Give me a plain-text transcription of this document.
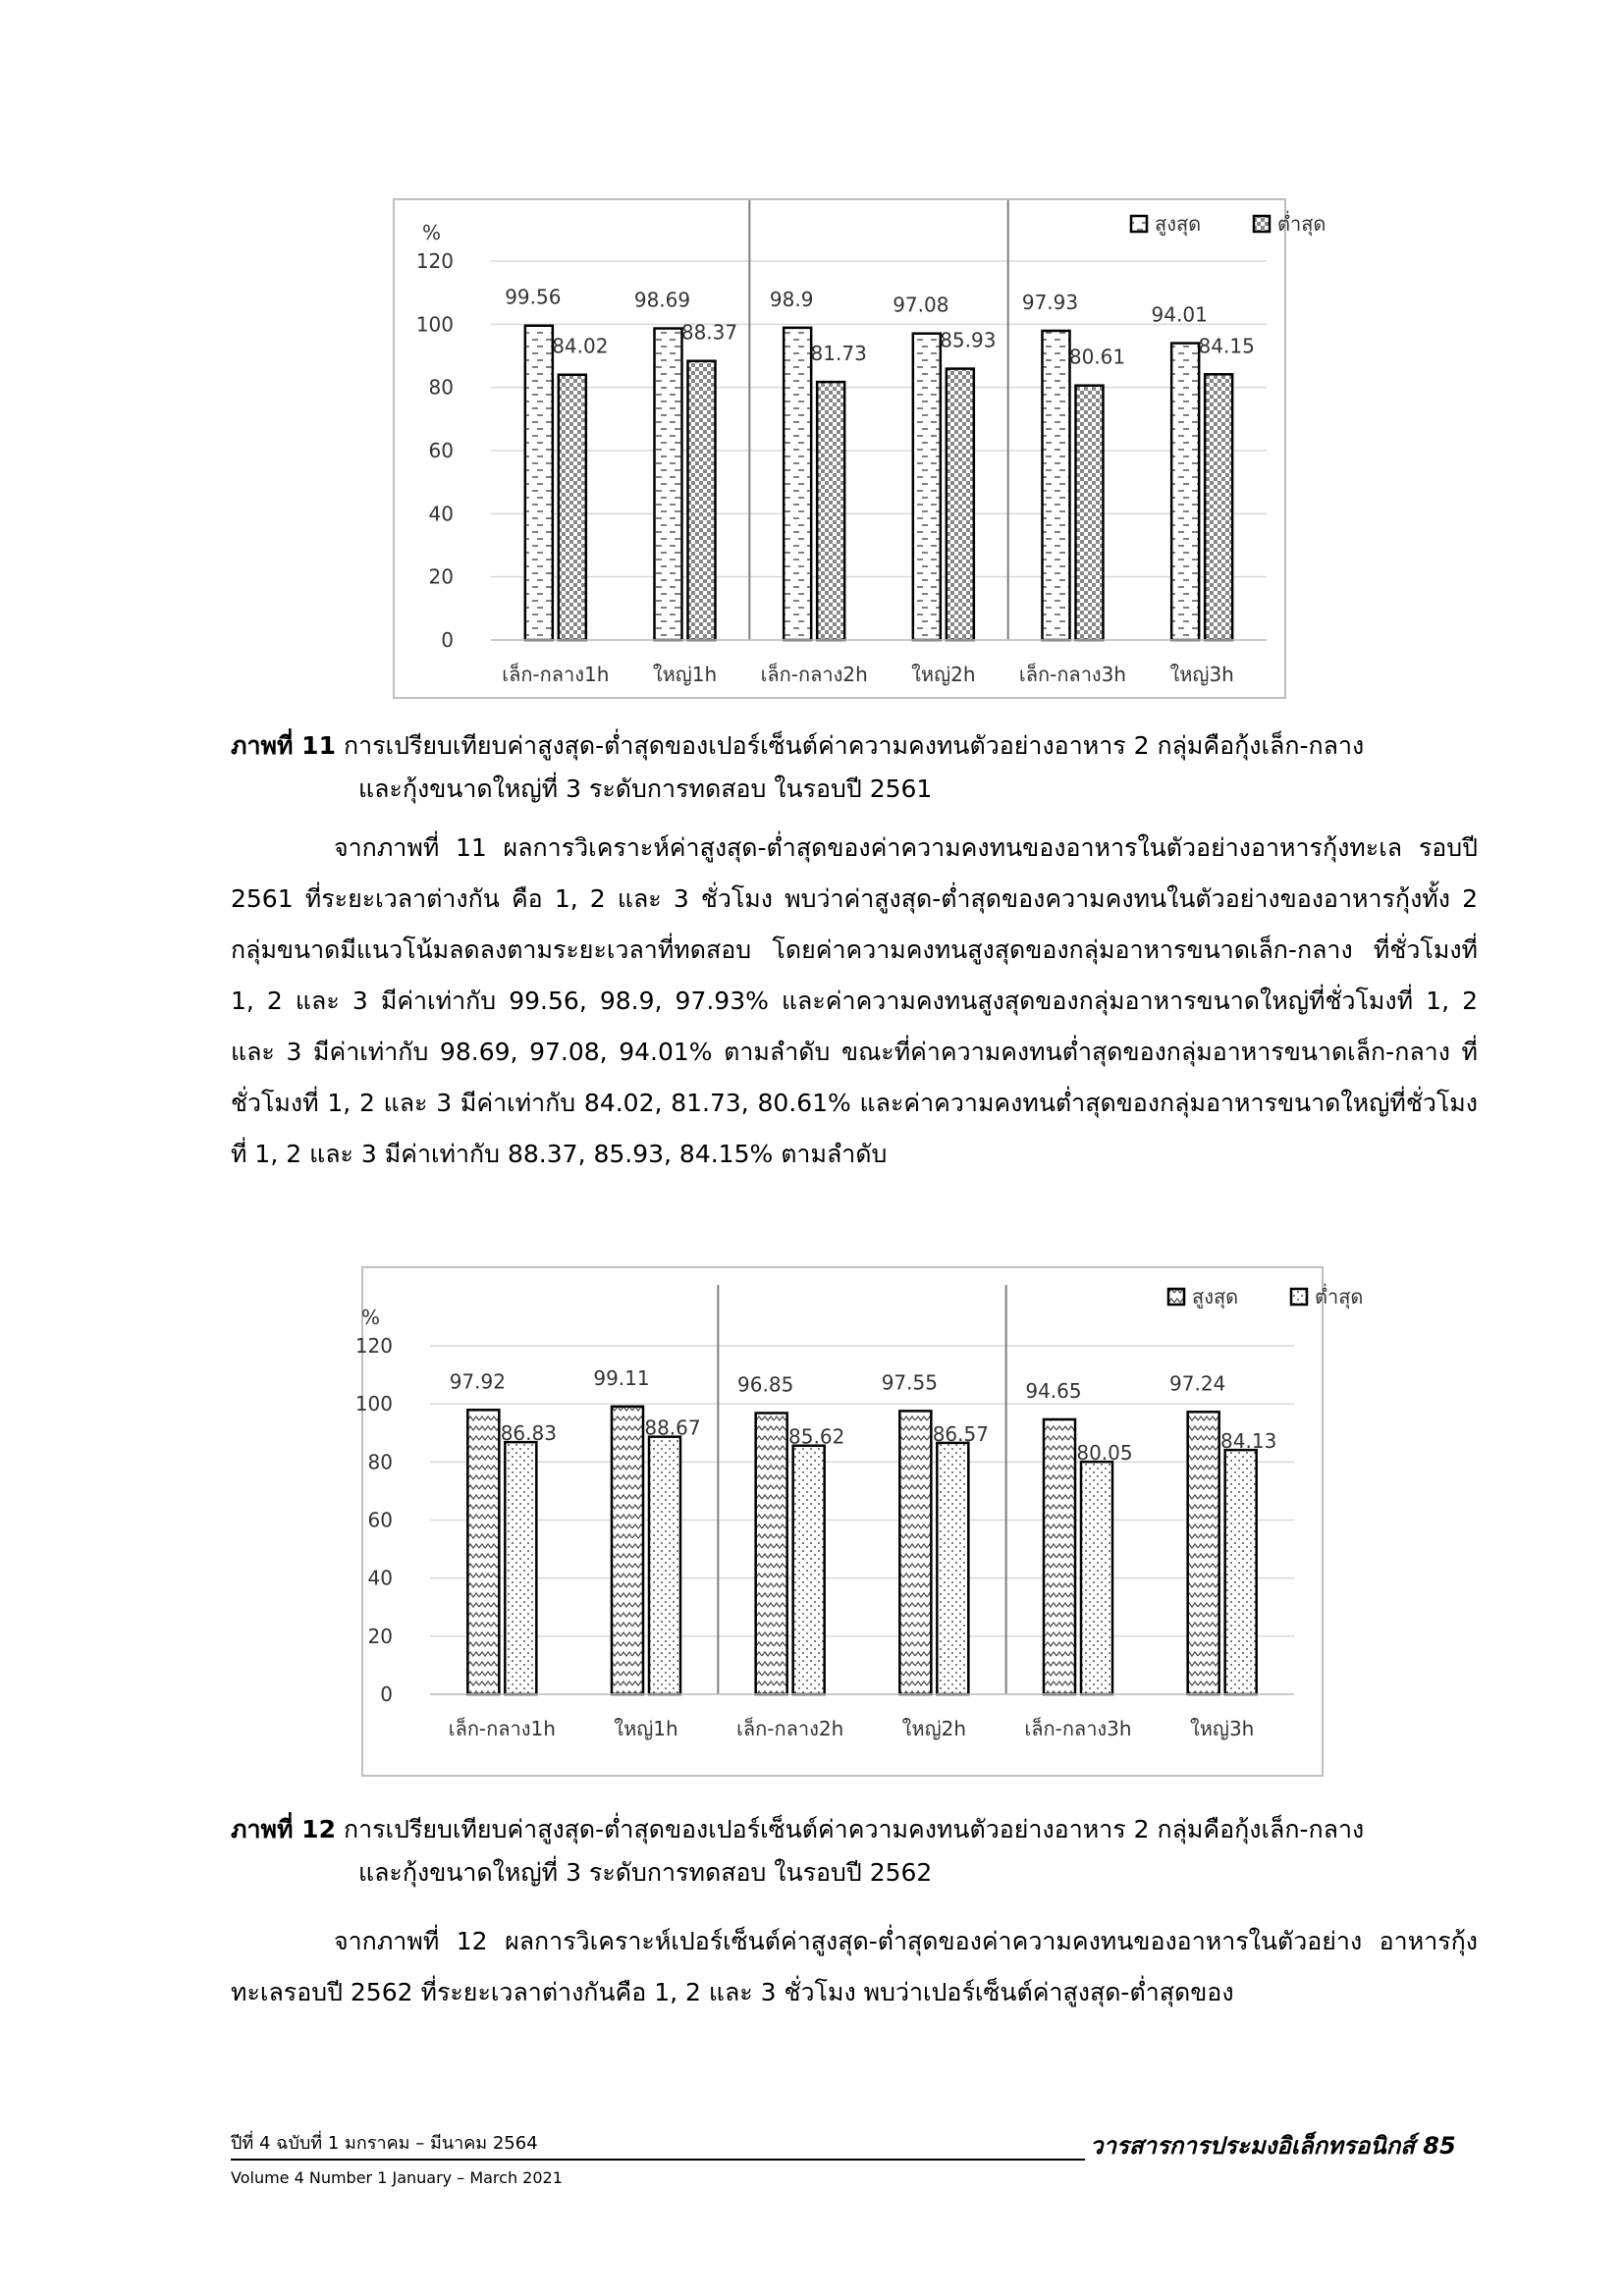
0
20
40
60
80
100
120
%
เล็ก-กลาง1h
99.56
84.02
ใหญ่1h
98.69
88.37
เล็ก-กลาง2h
98.9
81.73
ใหญ่2h
97.08
85.93
เล็ก-กลาง3h
97.93
80.61
ใหญ่3h
94.01
84.15
สูงสุด	ต่ำสุด
ภาพที่ 11 การเปรียบเทียบค่าสูงสุด-ต่ำสุดของเปอร์เซ็นต์ค่าความคงทนตัวอย่างอาหาร 2 กลุ่มคือกุ้งเล็ก-กลาง
และกุ้งขนาดใหญ่ที่ 3 ระดับการทดสอบ ในรอบปี 2561
จากภาพที่ 11 ผลการวิเคราะห์ค่าสูงสุด-ต่ำสุดของค่าความคงทนของอาหารในตัวอย่างอาหารกุ้งทะเล รอบปี 2561 ที่ระยะเวลาต่างกัน คือ 1, 2 และ 3 ชั่วโมง พบว่าค่าสูงสุด-ต่ำสุดของความคงทนในตัวอย่างของอาหารกุ้งทั้ง 2 กลุ่มขนาดมีแนวโน้มลดลงตามระยะเวลาที่ทดสอบ โดยค่าความคงทนสูงสุดของกลุ่มอาหารขนาดเล็ก-กลาง ที่ชั่วโมงที่ 1, 2 และ 3 มีค่าเท่ากับ 99.56, 98.9, 97.93% และค่าความคงทนสูงสุดของกลุ่มอาหารขนาดใหญ่ที่ชั่วโมงที่ 1, 2 และ 3 มีค่าเท่ากับ 98.69, 97.08, 94.01% ตามลำดับ ขณะที่ค่าความคงทนต่ำสุดของกลุ่มอาหารขนาดเล็ก-กลาง ที่ชั่วโมงที่ 1, 2 และ 3 มีค่าเท่ากับ 84.02, 81.73, 80.61% และค่าความคงทนต่ำสุดของกลุ่มอาหารขนาดใหญ่ที่ชั่วโมงที่ 1, 2 และ 3 มีค่าเท่ากับ 88.37, 85.93, 84.15% ตามลำดับ
0
20
40
60
80
100
120
%
เล็ก-กลาง1h
97.92
86.83
ใหญ่1h
99.11
88.67
เล็ก-กลาง2h
96.85
85.62
ใหญ่2h
97.55
86.57
เล็ก-กลาง3h
94.65
80.05
ใหญ่3h
97.24
84.13
สูงสุด	ต่ำสุด
ภาพที่ 12 การเปรียบเทียบค่าสูงสุด-ต่ำสุดของเปอร์เซ็นต์ค่าความคงทนตัวอย่างอาหาร 2 กลุ่มคือกุ้งเล็ก-กลาง
และกุ้งขนาดใหญ่ที่ 3 ระดับการทดสอบ ในรอบปี 2562
จากภาพที่ 12 ผลการวิเคราะห์เปอร์เซ็นต์ค่าสูงสุด-ต่ำสุดของค่าความคงทนของอาหารในตัวอย่าง อาหารกุ้งทะเลรอบปี 2562 ที่ระยะเวลาต่างกันคือ 1, 2 และ 3 ชั่วโมง พบว่าเปอร์เซ็นต์ค่าสูงสุด-ต่ำสุดของ
ปีที่ 4 ฉบับที่ 1 มกราคม – มีนาคม 2564
Volume 4 Number 1 January – March 2021
วารสารการประมงอิเล็กทรอนิกส์ 85
